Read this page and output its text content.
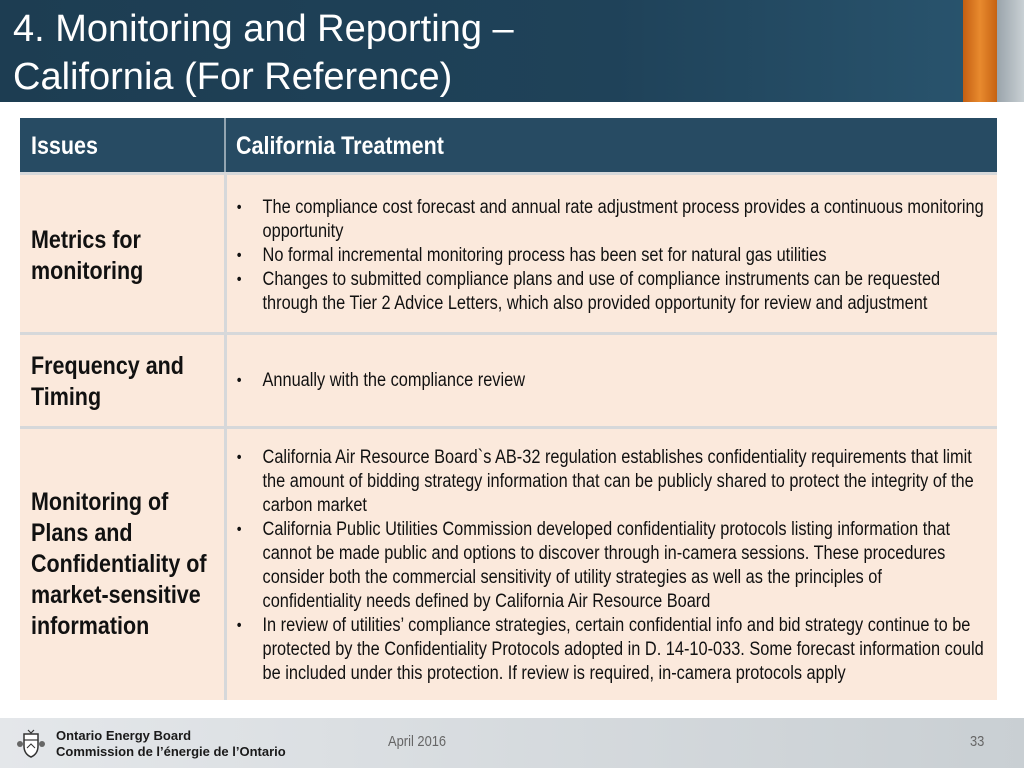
4. Monitoring and Reporting –
California (For Reference)
Issues	California Treatment
Metrics for monitoring
• The compliance cost forecast and annual rate adjustment process provides a continuous monitoring opportunity
• No formal incremental monitoring process has been set for natural gas utilities
• Changes to submitted compliance plans and use of compliance instruments can be requested through the Tier 2 Advice Letters, which also provided opportunity for review and adjustment
Frequency and Timing
• Annually with the compliance review
Monitoring of Plans and Confidentiality of market-sensitive information
• California Air Resource Board`s AB-32 regulation establishes confidentiality requirements that limit the amount of bidding strategy information that can be publicly shared to protect the integrity of the carbon market
• California Public Utilities Commission developed confidentiality protocols listing information that cannot be made public and options to discover through in-camera sessions. These procedures consider both the commercial sensitivity of utility strategies as well as the principles of confidentiality needs defined by California Air Resource Board
• In review of utilities’ compliance strategies, certain confidential info and bid strategy continue to be protected by the Confidentiality Protocols adopted in D. 14-10-033. Some forecast information could be included under this protection. If review is required, in-camera protocols apply
Ontario Energy Board
Commission de l’énergie de l’Ontario
April 2016	33
